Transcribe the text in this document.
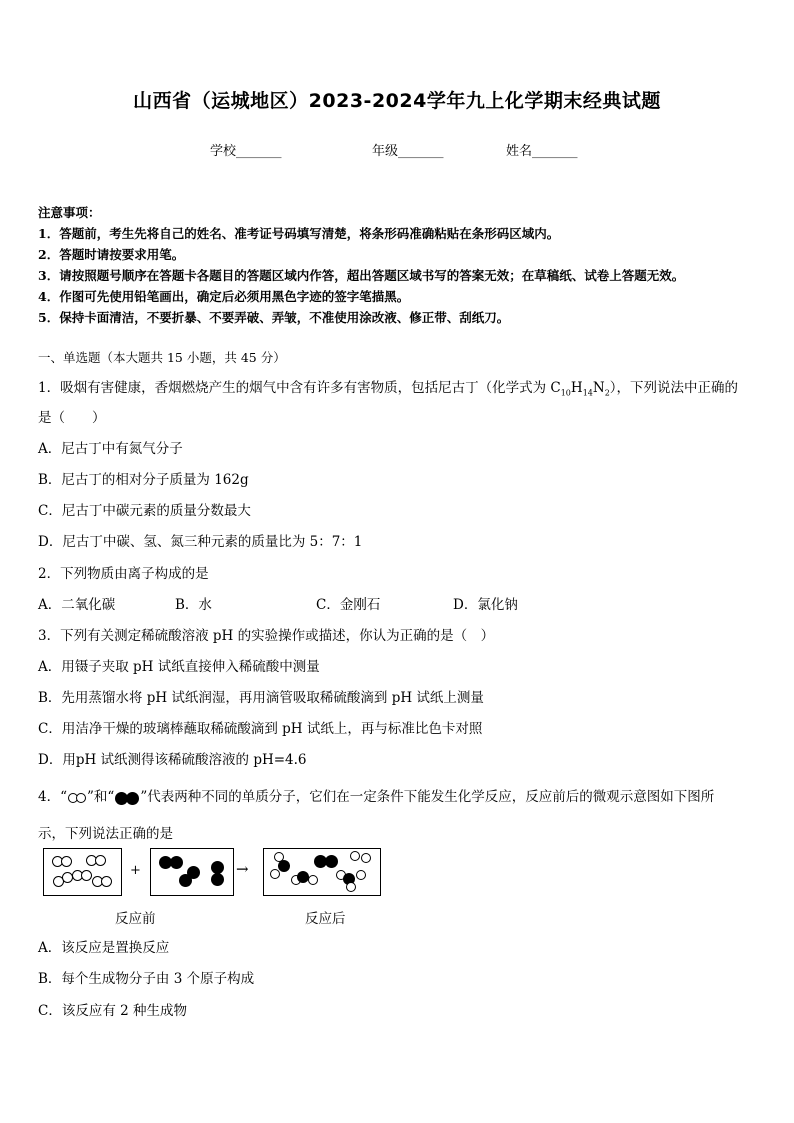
山西省（运城地区）2023-2024学年九上化学期末经典试题
学校_______	年级_______	姓名_______
注意事项：
1．答题前，考生先将自己的姓名、准考证号码填写清楚，将条形码准确粘贴在条形码区域内。
2．答题时请按要求用笔。
3．请按照题号顺序在答题卡各题目的答题区域内作答，超出答题区域书写的答案无效；在草稿纸、试卷上答题无效。
4．作图可先使用铅笔画出，确定后必须用黑色字迹的签字笔描黑。
5．保持卡面清洁，不要折暴、不要弄破、弄皱，不准使用涂改液、修正带、刮纸刀。
一、单选题（本大题共 15 小题，共 45 分）
1．吸烟有害健康，香烟燃烧产生的烟气中含有许多有害物质，包括尼古丁（化学式为 $C_{10}H_{14}N_2$），下列说法中正确的
是（　　）
A．尼古丁中有氮气分子
B．尼古丁的相对分子质量为 162g
C．尼古丁中碳元素的质量分数最大
D．尼古丁中碳、氢、氮三种元素的质量比为 5：7：1
2．下列物质由离子构成的是
A．二氧化碳	B．水	C．金刚石	D．氯化钠
3．下列有关测定稀硫酸溶液 pH 的实验操作或描述，你认为正确的是（　）
A．用镊子夹取 pH 试纸直接伸入稀硫酸中测量
B．先用蒸馏水将 pH 试纸润湿，再用滴管吸取稀硫酸滴到 pH 试纸上测量
C．用洁净干燥的玻璃棒蘸取稀硫酸滴到 pH 试纸上，再与标准比色卡对照
D．用pH 试纸测得该稀硫酸溶液的 pH=4.6
4．“ ”和“ ”代表两种不同的单质分子，它们在一定条件下能发生化学反应，反应前后的微观示意图如下图所
示，下列说法正确的是
+	→
反应前	反应后
A．该反应是置换反应
B．每个生成物分子由 3 个原子构成
C．该反应有 2 种生成物
